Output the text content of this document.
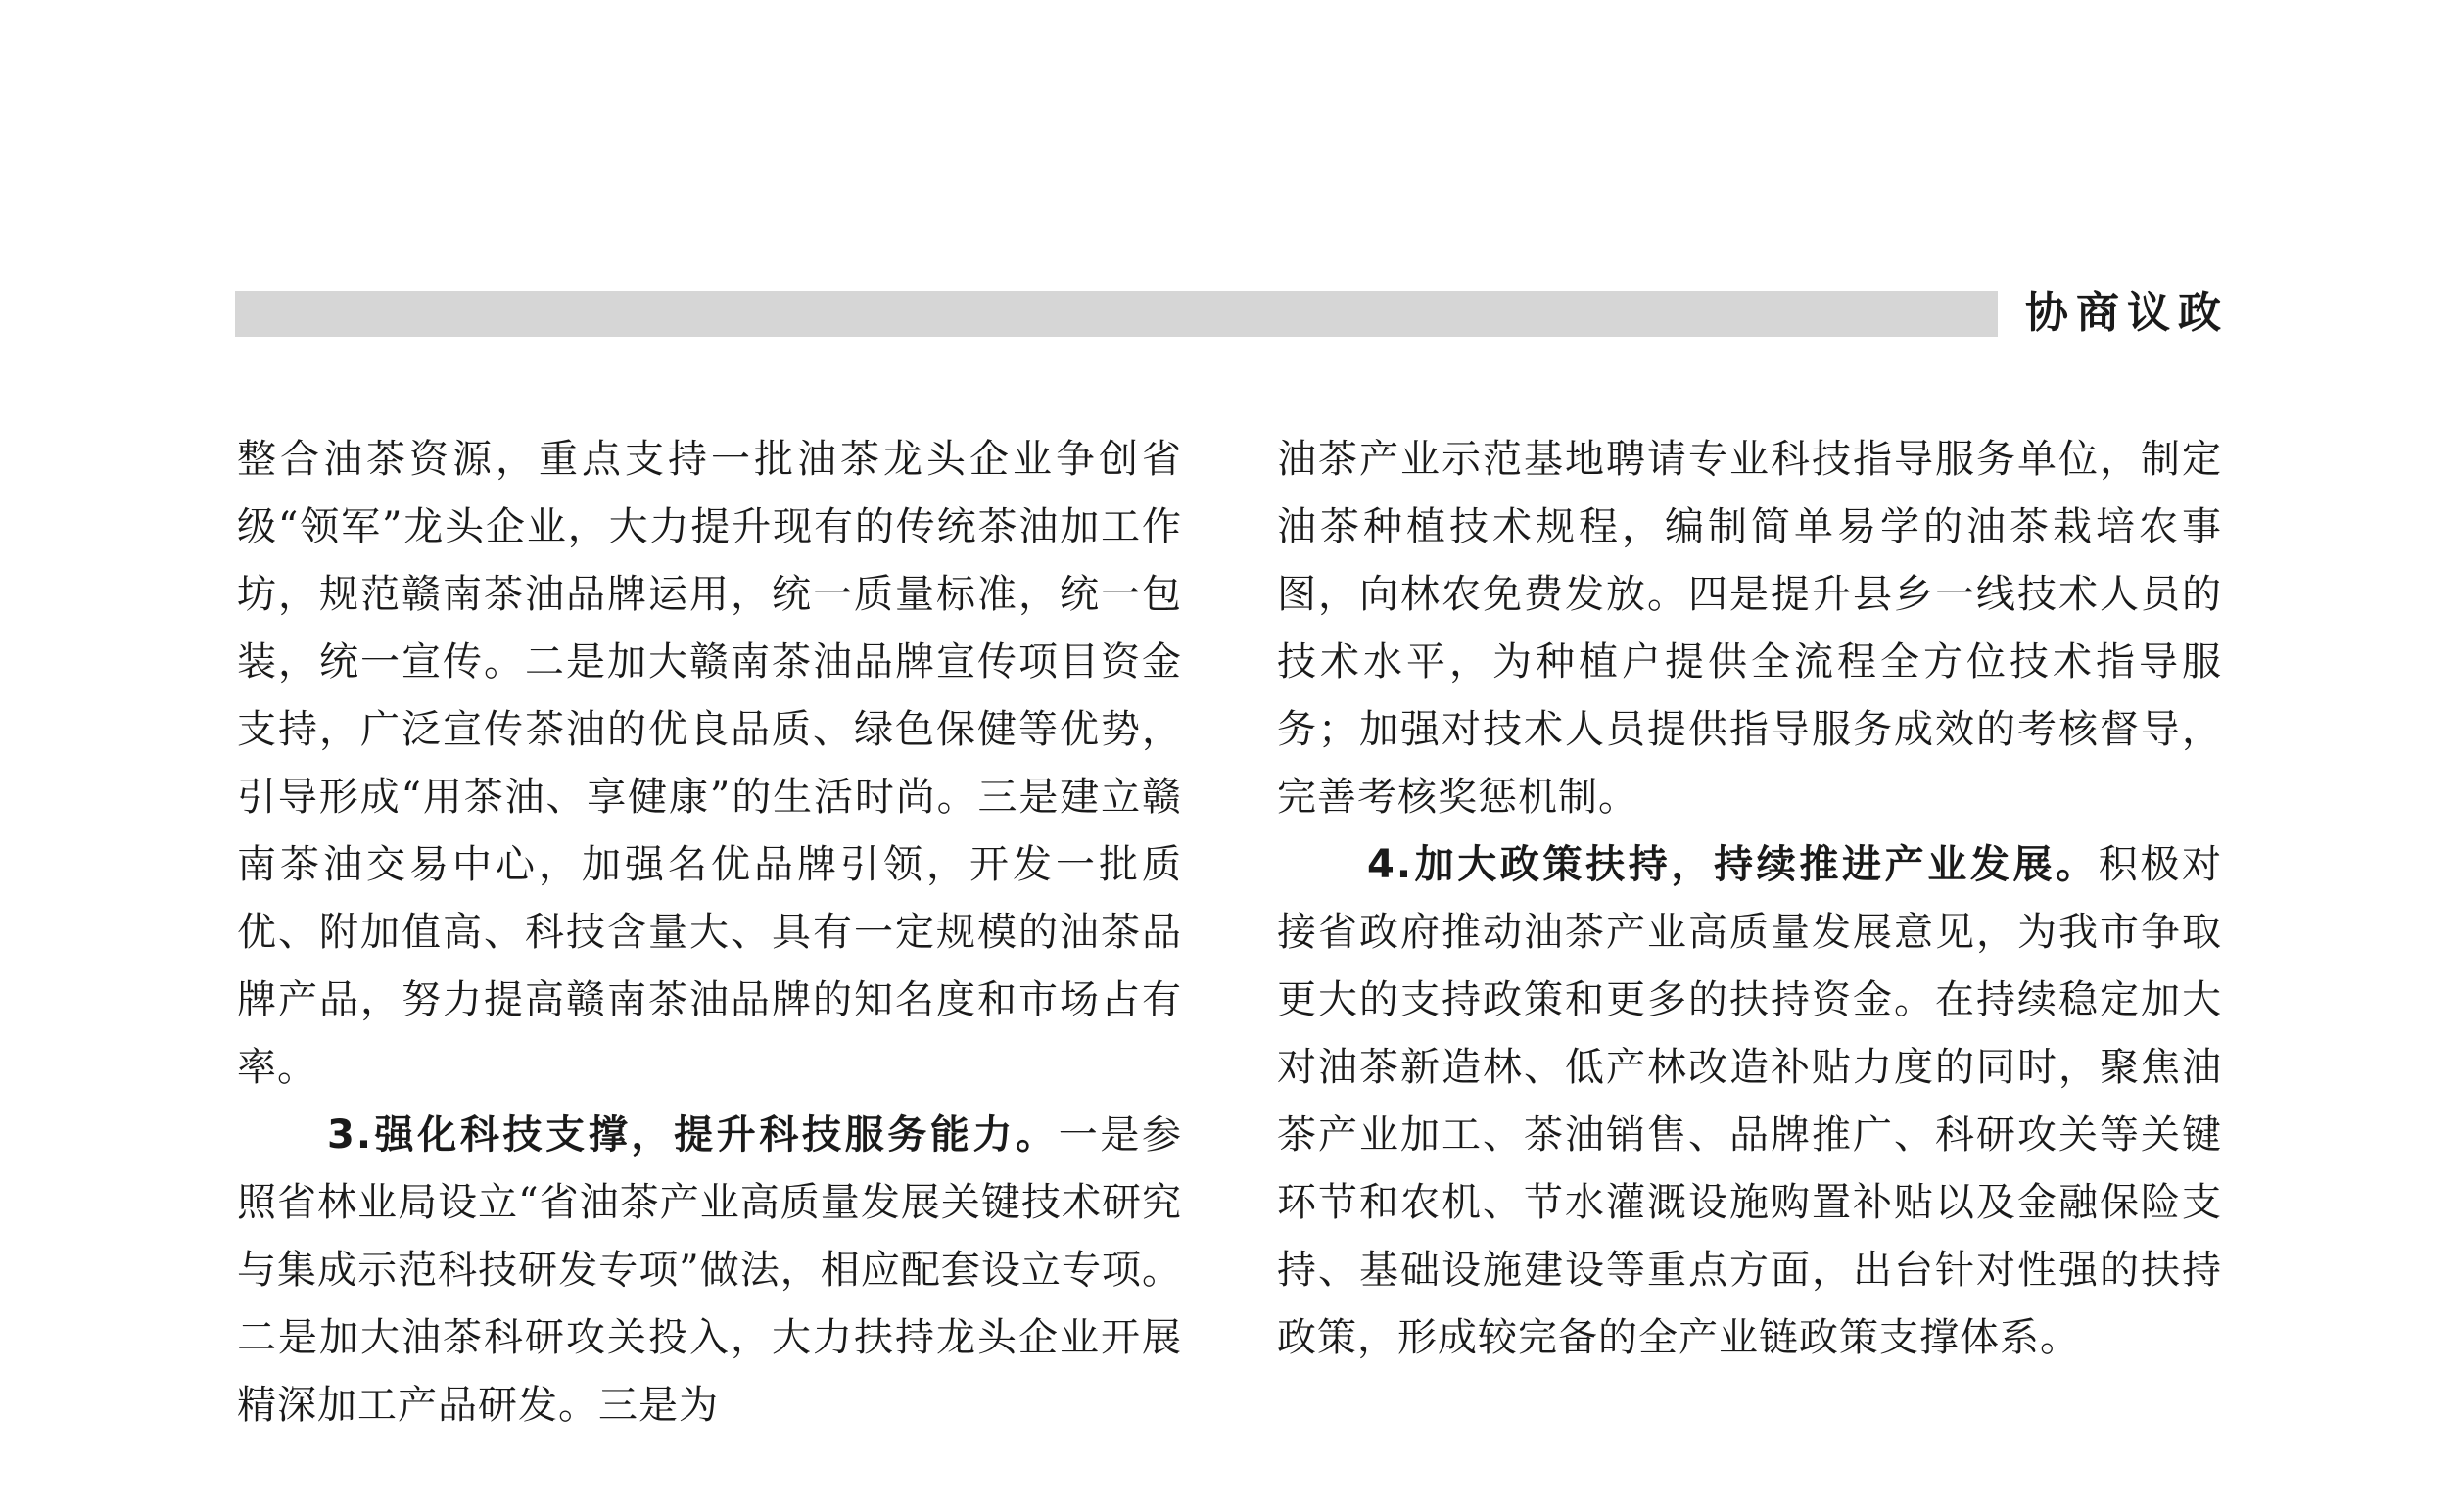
协商议政

整合油茶资源，重点支持一批油茶龙头企业争创省级“领军”龙头企业，大力提升现有的传统茶油加工作坊，规范赣南茶油品牌运用，统一质量标准，统一包装，统一宣传。二是加大赣南茶油品牌宣传项目资金支持，广泛宣传茶油的优良品质、绿色保健等优势，引导形成“用茶油、享健康”的生活时尚。三是建立赣南茶油交易中心，加强名优品牌引领，开发一批质优、附加值高、科技含量大、具有一定规模的油茶品牌产品，努力提高赣南茶油品牌的知名度和市场占有率。

3.强化科技支撑，提升科技服务能力。一是参照省林业局设立“省油茶产业高质量发展关键技术研究与集成示范科技研发专项”做法，相应配套设立专项。二是加大油茶科研攻关投入，大力扶持龙头企业开展精深加工产品研发。三是为

油茶产业示范基地聘请专业科技指导服务单位，制定油茶种植技术规程，编制简单易学的油茶栽培农事图，向林农免费发放。四是提升县乡一线技术人员的技术水平，为种植户提供全流程全方位技术指导服务；加强对技术人员提供指导服务成效的考核督导，完善考核奖惩机制。

4.加大政策扶持，持续推进产业发展。积极对接省政府推动油茶产业高质量发展意见，为我市争取更大的支持政策和更多的扶持资金。在持续稳定加大对油茶新造林、低产林改造补贴力度的同时，聚焦油茶产业加工、茶油销售、品牌推广、科研攻关等关键环节和农机、节水灌溉设施购置补贴以及金融保险支持、基础设施建设等重点方面，出台针对性强的扶持政策，形成较完备的全产业链政策支撑体系。
